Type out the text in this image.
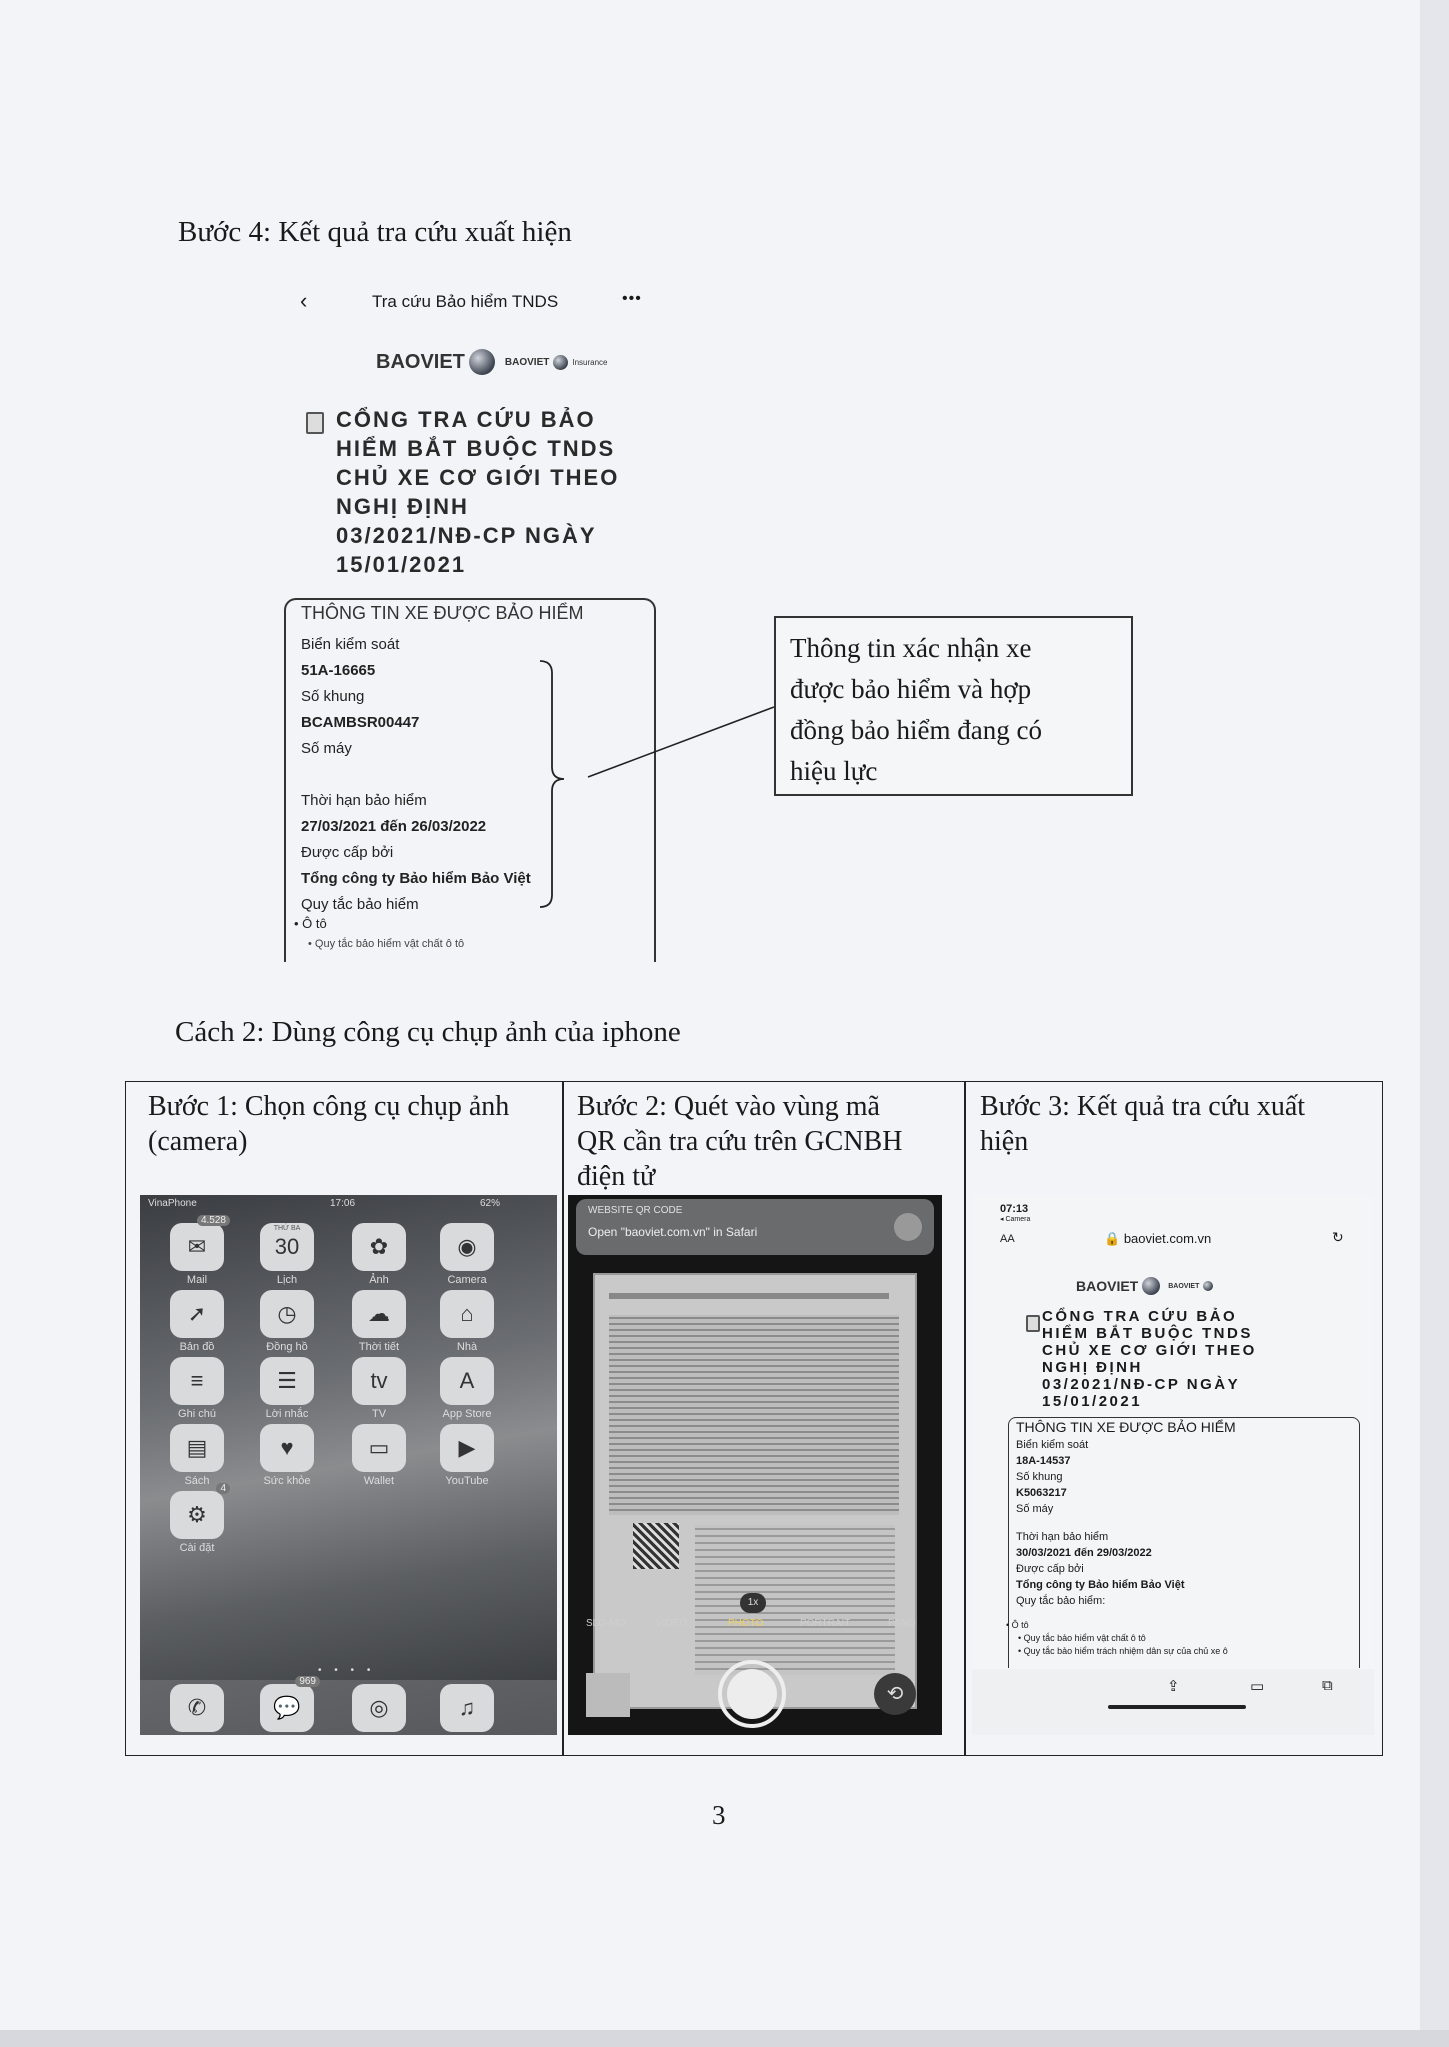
Bước 4: Kết quả tra cứu xuất hiện
‹	Tra cứu Bảo hiểm TNDS	•••
BAOVIET	BAOVIET	Insurance
CỔNG TRA CỨU BẢO
HIỂM BẮT BUỘC TNDS
CHỦ XE CƠ GIỚI THEO
NGHỊ ĐỊNH
03/2021/NĐ-CP NGÀY
15/01/2021
THÔNG TIN XE ĐƯỢC BẢO HIỂM
Biển kiểm soát
51A-16665
Số khung
BCAMBSR00447
Số máy
Thời hạn bảo hiểm
27/03/2021 đến 26/03/2022
Được cấp bởi
Tổng công ty Bảo hiểm Bảo Việt
Quy tắc bảo hiểm
• Ô tô
• Quy tắc bảo hiểm vật chất ô tô
Thông tin xác nhận xe
được bảo hiểm và hợp
đồng bảo hiểm đang có
hiệu lực
Cách 2: Dùng công cụ chụp ảnh của iphone
Bước 1: Chọn công cụ chụp ảnh
(camera)
Bước 2: Quét vào vùng mã
QR cần tra cứu trên GCNBH
điện tử
Bước 3: Kết quả tra cứu xuất
hiện
VinaPhone	17:06	62%
✉
4.528
Mail
30
THỨ BA
Lịch
✿
Ảnh
◉
Camera
➚
Bản đồ
◷
Đồng hồ
☁
Thời tiết
⌂
Nhà
≡
Ghi chú
☰
Lời nhắc
tv
TV
A
App Store
▤
Sách
♥
Sức khỏe
▭
Wallet
▶
YouTube
⚙
4
Cài đặt
• • • •
✆	💬
969
◎	♫
WEBSITE QR CODE
Open "baoviet.com.vn" in Safari
1x
SLO-MO	VIDEO	PHOTO	PORTRAIT	PANO
⟲
07:13
◂ Camera
AA	🔒 baoviet.com.vn	↻
BAOVIET	BAOVIET
CỔNG TRA CỨU BẢO
HIỂM BẮT BUỘC TNDS
CHỦ XE CƠ GIỚI THEO
NGHỊ ĐỊNH
03/2021/NĐ-CP NGÀY
15/01/2021
THÔNG TIN XE ĐƯỢC BẢO HIỂM
Biển kiểm soát
18A-14537
Số khung
K5063217
Số máy
Thời hạn bảo hiểm
30/03/2021 đến 29/03/2022
Được cấp bởi
Tổng công ty Bảo hiểm Bảo Việt
Quy tắc bảo hiểm:
• Ô tô
• Quy tắc bảo hiểm vật chất ô tô
• Quy tắc bảo hiểm trách nhiệm dân sự của chủ xe ô
⇪	▭	⧉
3
